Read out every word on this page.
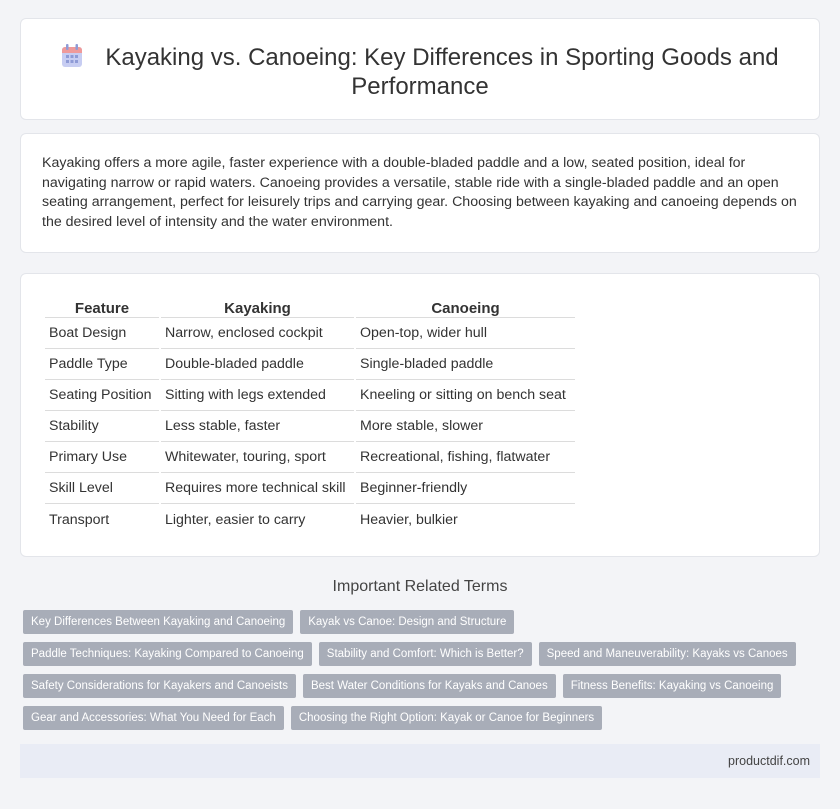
Kayaking vs. Canoeing: Key Differences in Sporting Goods and Performance

Kayaking offers a more agile, faster experience with a double-bladed paddle and a low, seated position, ideal for navigating narrow or rapid waters. Canoeing provides a versatile, stable ride with a single-bladed paddle and an open seating arrangement, perfect for leisurely trips and carrying gear. Choosing between kayaking and canoeing depends on the desired level of intensity and the water environment.

Feature	Kayaking	Canoeing
Boat Design	Narrow, enclosed cockpit	Open-top, wider hull
Paddle Type	Double-bladed paddle	Single-bladed paddle
Seating Position	Sitting with legs extended	Kneeling or sitting on bench seat
Stability	Less stable, faster	More stable, slower
Primary Use	Whitewater, touring, sport	Recreational, fishing, flatwater
Skill Level	Requires more technical skill	Beginner-friendly
Transport	Lighter, easier to carry	Heavier, bulkier
Important Related Terms
Key Differences Between Kayaking and Canoeing	Kayak vs Canoe: Design and Structure
Paddle Techniques: Kayaking Compared to Canoeing	Stability and Comfort: Which is Better?	Speed and Maneuverability: Kayaks vs Canoes
Safety Considerations for Kayakers and Canoeists	Best Water Conditions for Kayaks and Canoes	Fitness Benefits: Kayaking vs Canoeing
Gear and Accessories: What You Need for Each	Choosing the Right Option: Kayak or Canoe for Beginners
productdif.com
